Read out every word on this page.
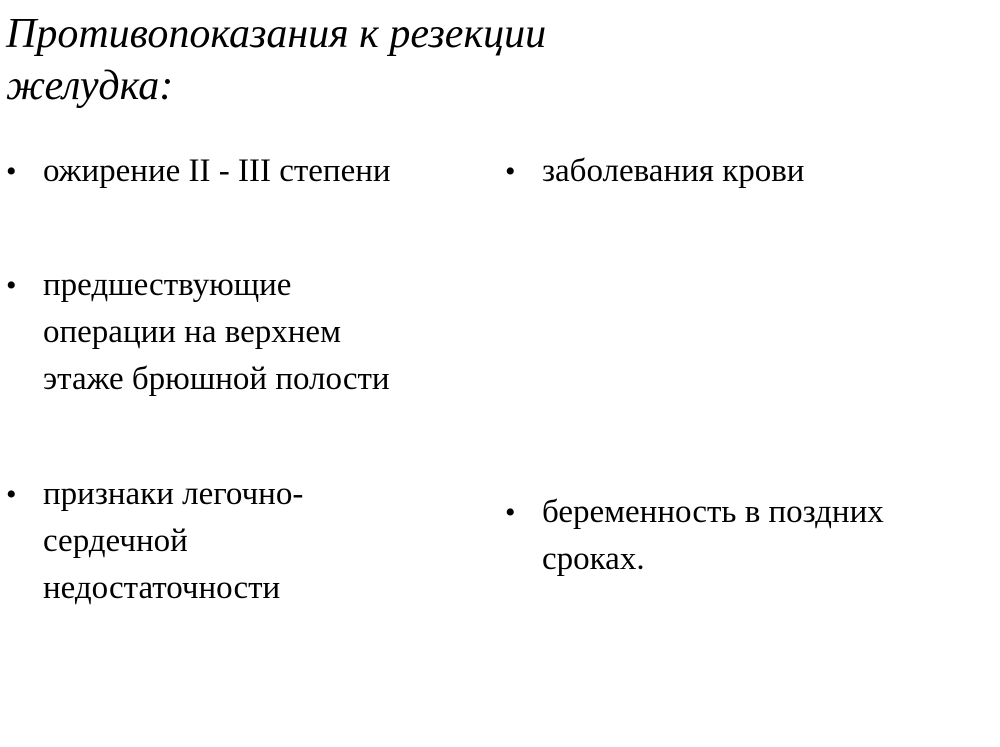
Противопоказания к резекции
желудка:
• ожирение II - III степени
• предшествующие
операции на верхнем
этаже брюшной полости
• признаки легочно-
сердечной
недостаточности
• заболевания крови
• беременность в поздних
сроках.
